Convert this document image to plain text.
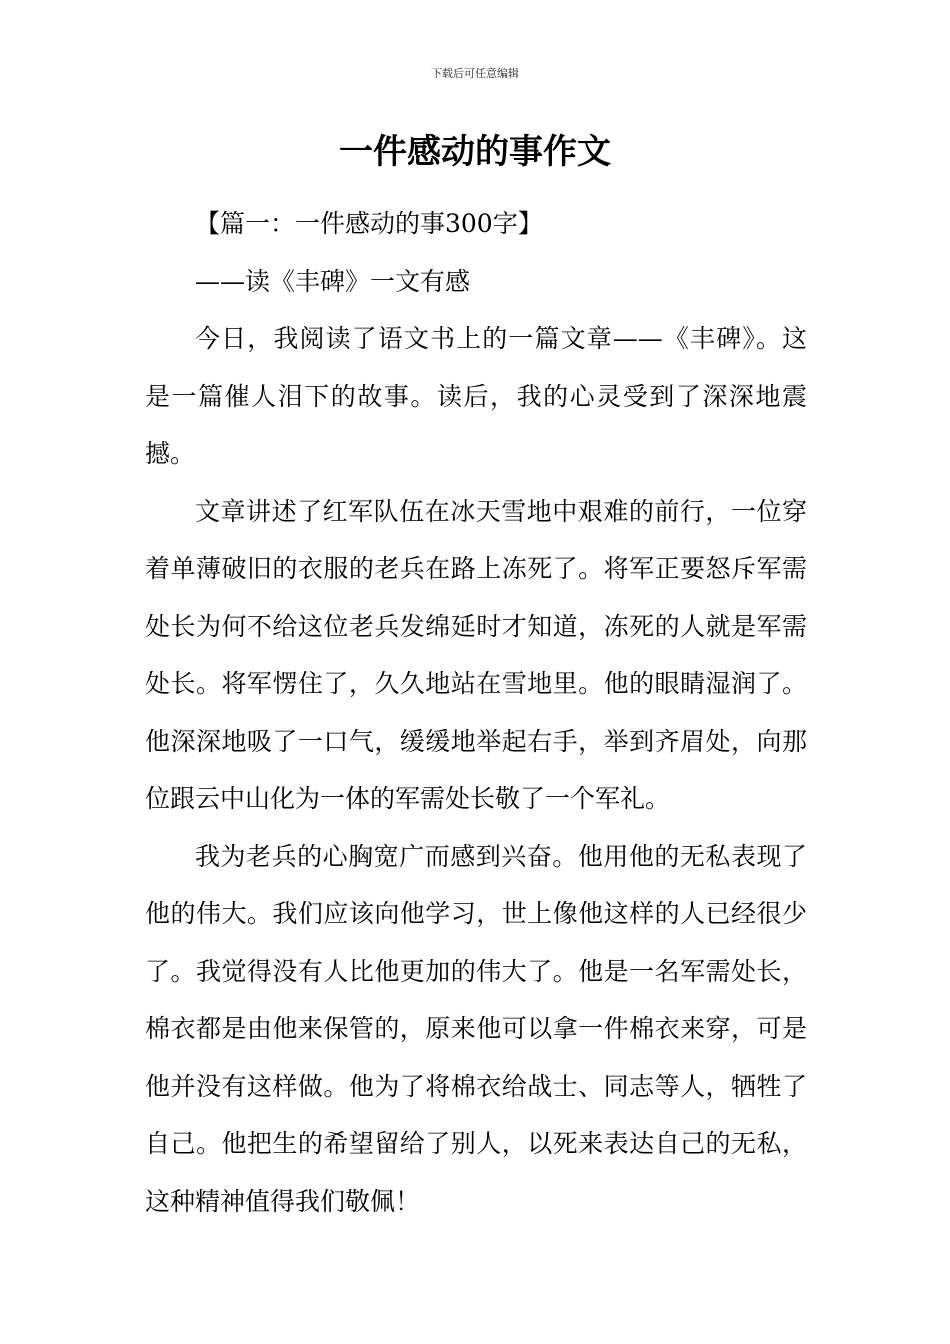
下载后可任意编辑
一件感动的事作文

【篇一：一件感动的事300字】

——读《丰碑》一文有感

今日，我阅读了语文书上的一篇文章——《丰碑》。这是一篇催人泪下的故事。读后，我的心灵受到了深深地震撼。

文章讲述了红军队伍在冰天雪地中艰难的前行，一位穿着单薄破旧的衣服的老兵在路上冻死了。将军正要怒斥军需处长为何不给这位老兵发绵延时才知道，冻死的人就是军需处长。将军愣住了，久久地站在雪地里。他的眼睛湿润了。他深深地吸了一口气，缓缓地举起右手，举到齐眉处，向那位跟云中山化为一体的军需处长敬了一个军礼。

我为老兵的心胸宽广而感到兴奋。他用他的无私表现了他的伟大。我们应该向他学习，世上像他这样的人已经很少了。我觉得没有人比他更加的伟大了。他是一名军需处长，棉衣都是由他来保管的，原来他可以拿一件棉衣来穿，可是他并没有这样做。他为了将棉衣给战士、同志等人，牺牲了自己。他把生的希望留给了别人，以死来表达自己的无私，这种精神值得我们敬佩！
